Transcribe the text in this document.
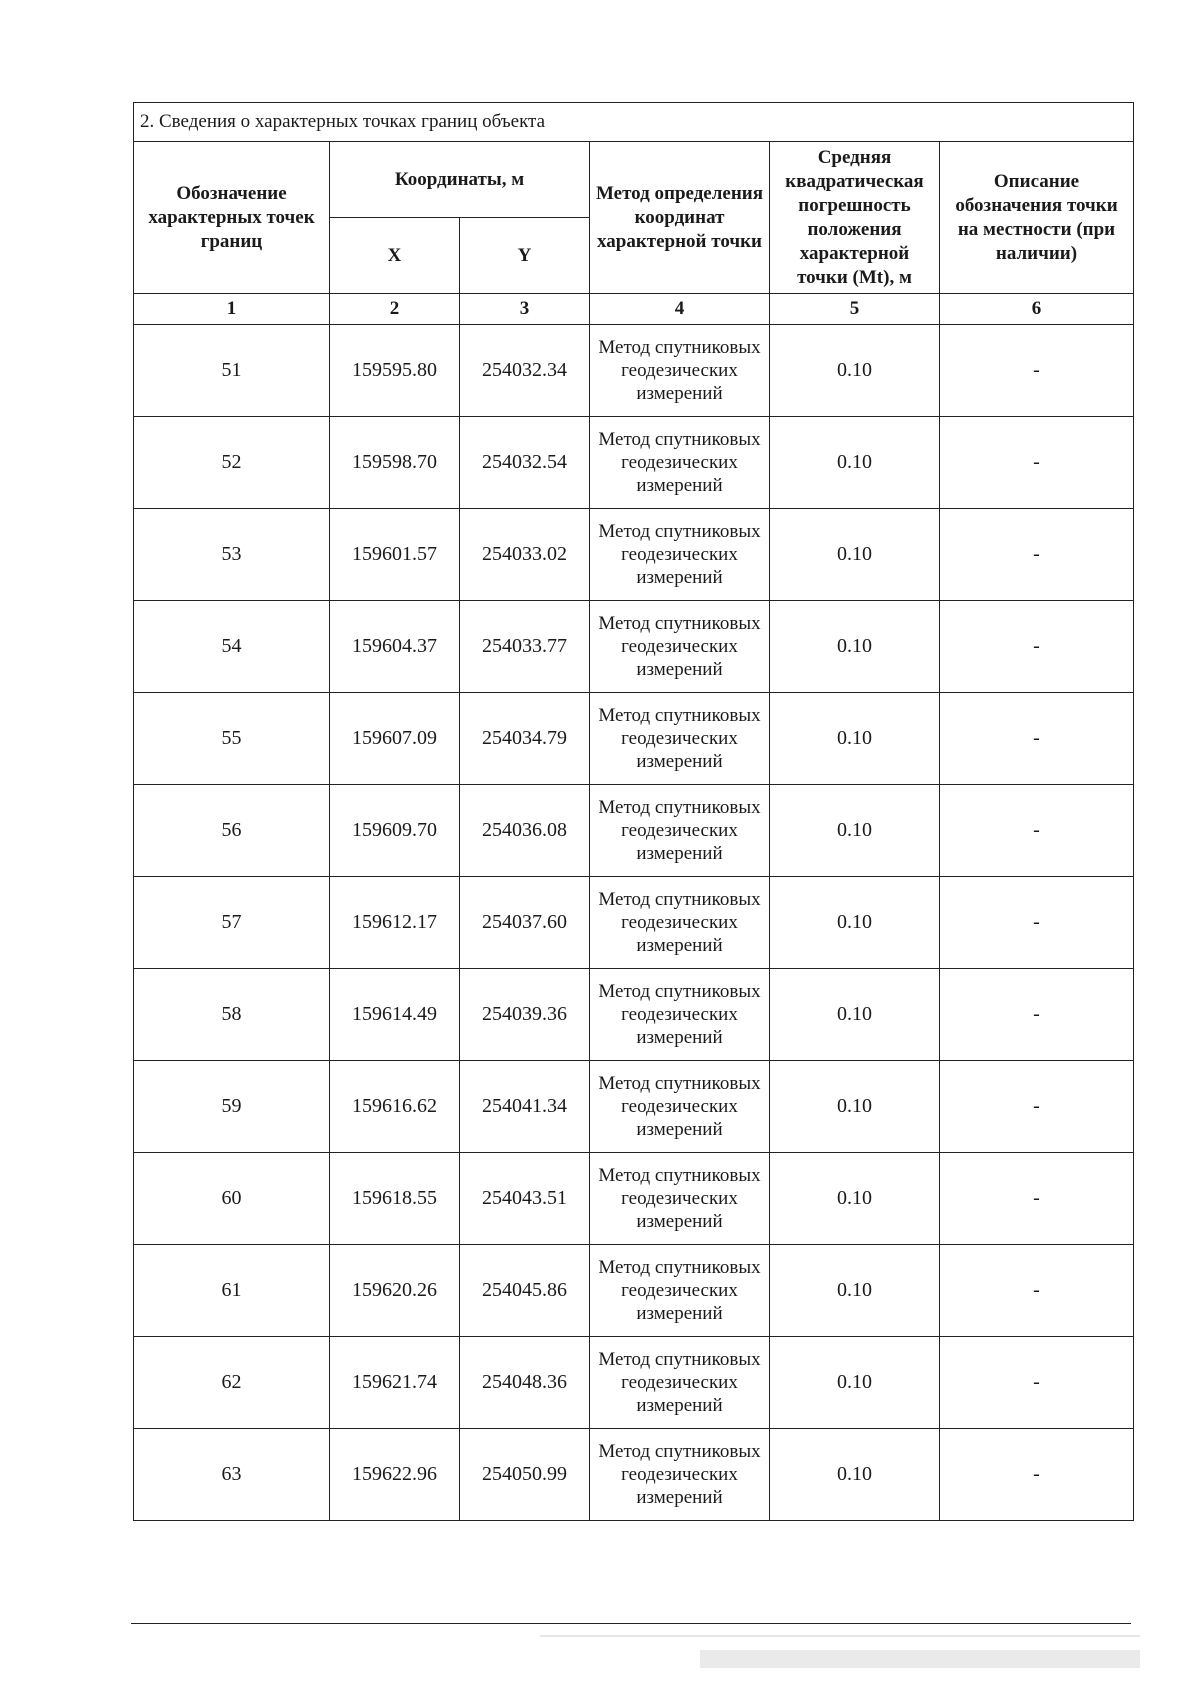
2. Сведения о характерных точках границ объекта					
Обозначение характерных точек границ	Координаты, м		Метод определения координат характерной точки	Средняя квадратическая погрешность положения характерной точки (Mt), м	Описание обозначения точки на местности (при наличии)
	X	Y			
1	2	3	4	5	6
51	159595.80	254032.34	Метод спутниковых геодезических измерений	0.10	-
52	159598.70	254032.54	Метод спутниковых геодезических измерений	0.10	-
53	159601.57	254033.02	Метод спутниковых геодезических измерений	0.10	-
54	159604.37	254033.77	Метод спутниковых геодезических измерений	0.10	-
55	159607.09	254034.79	Метод спутниковых геодезических измерений	0.10	-
56	159609.70	254036.08	Метод спутниковых геодезических измерений	0.10	-
57	159612.17	254037.60	Метод спутниковых геодезических измерений	0.10	-
58	159614.49	254039.36	Метод спутниковых геодезических измерений	0.10	-
59	159616.62	254041.34	Метод спутниковых геодезических измерений	0.10	-
60	159618.55	254043.51	Метод спутниковых геодезических измерений	0.10	-
61	159620.26	254045.86	Метод спутниковых геодезических измерений	0.10	-
62	159621.74	254048.36	Метод спутниковых геодезических измерений	0.10	-
63	159622.96	254050.99	Метод спутниковых геодезических измерений	0.10	-
